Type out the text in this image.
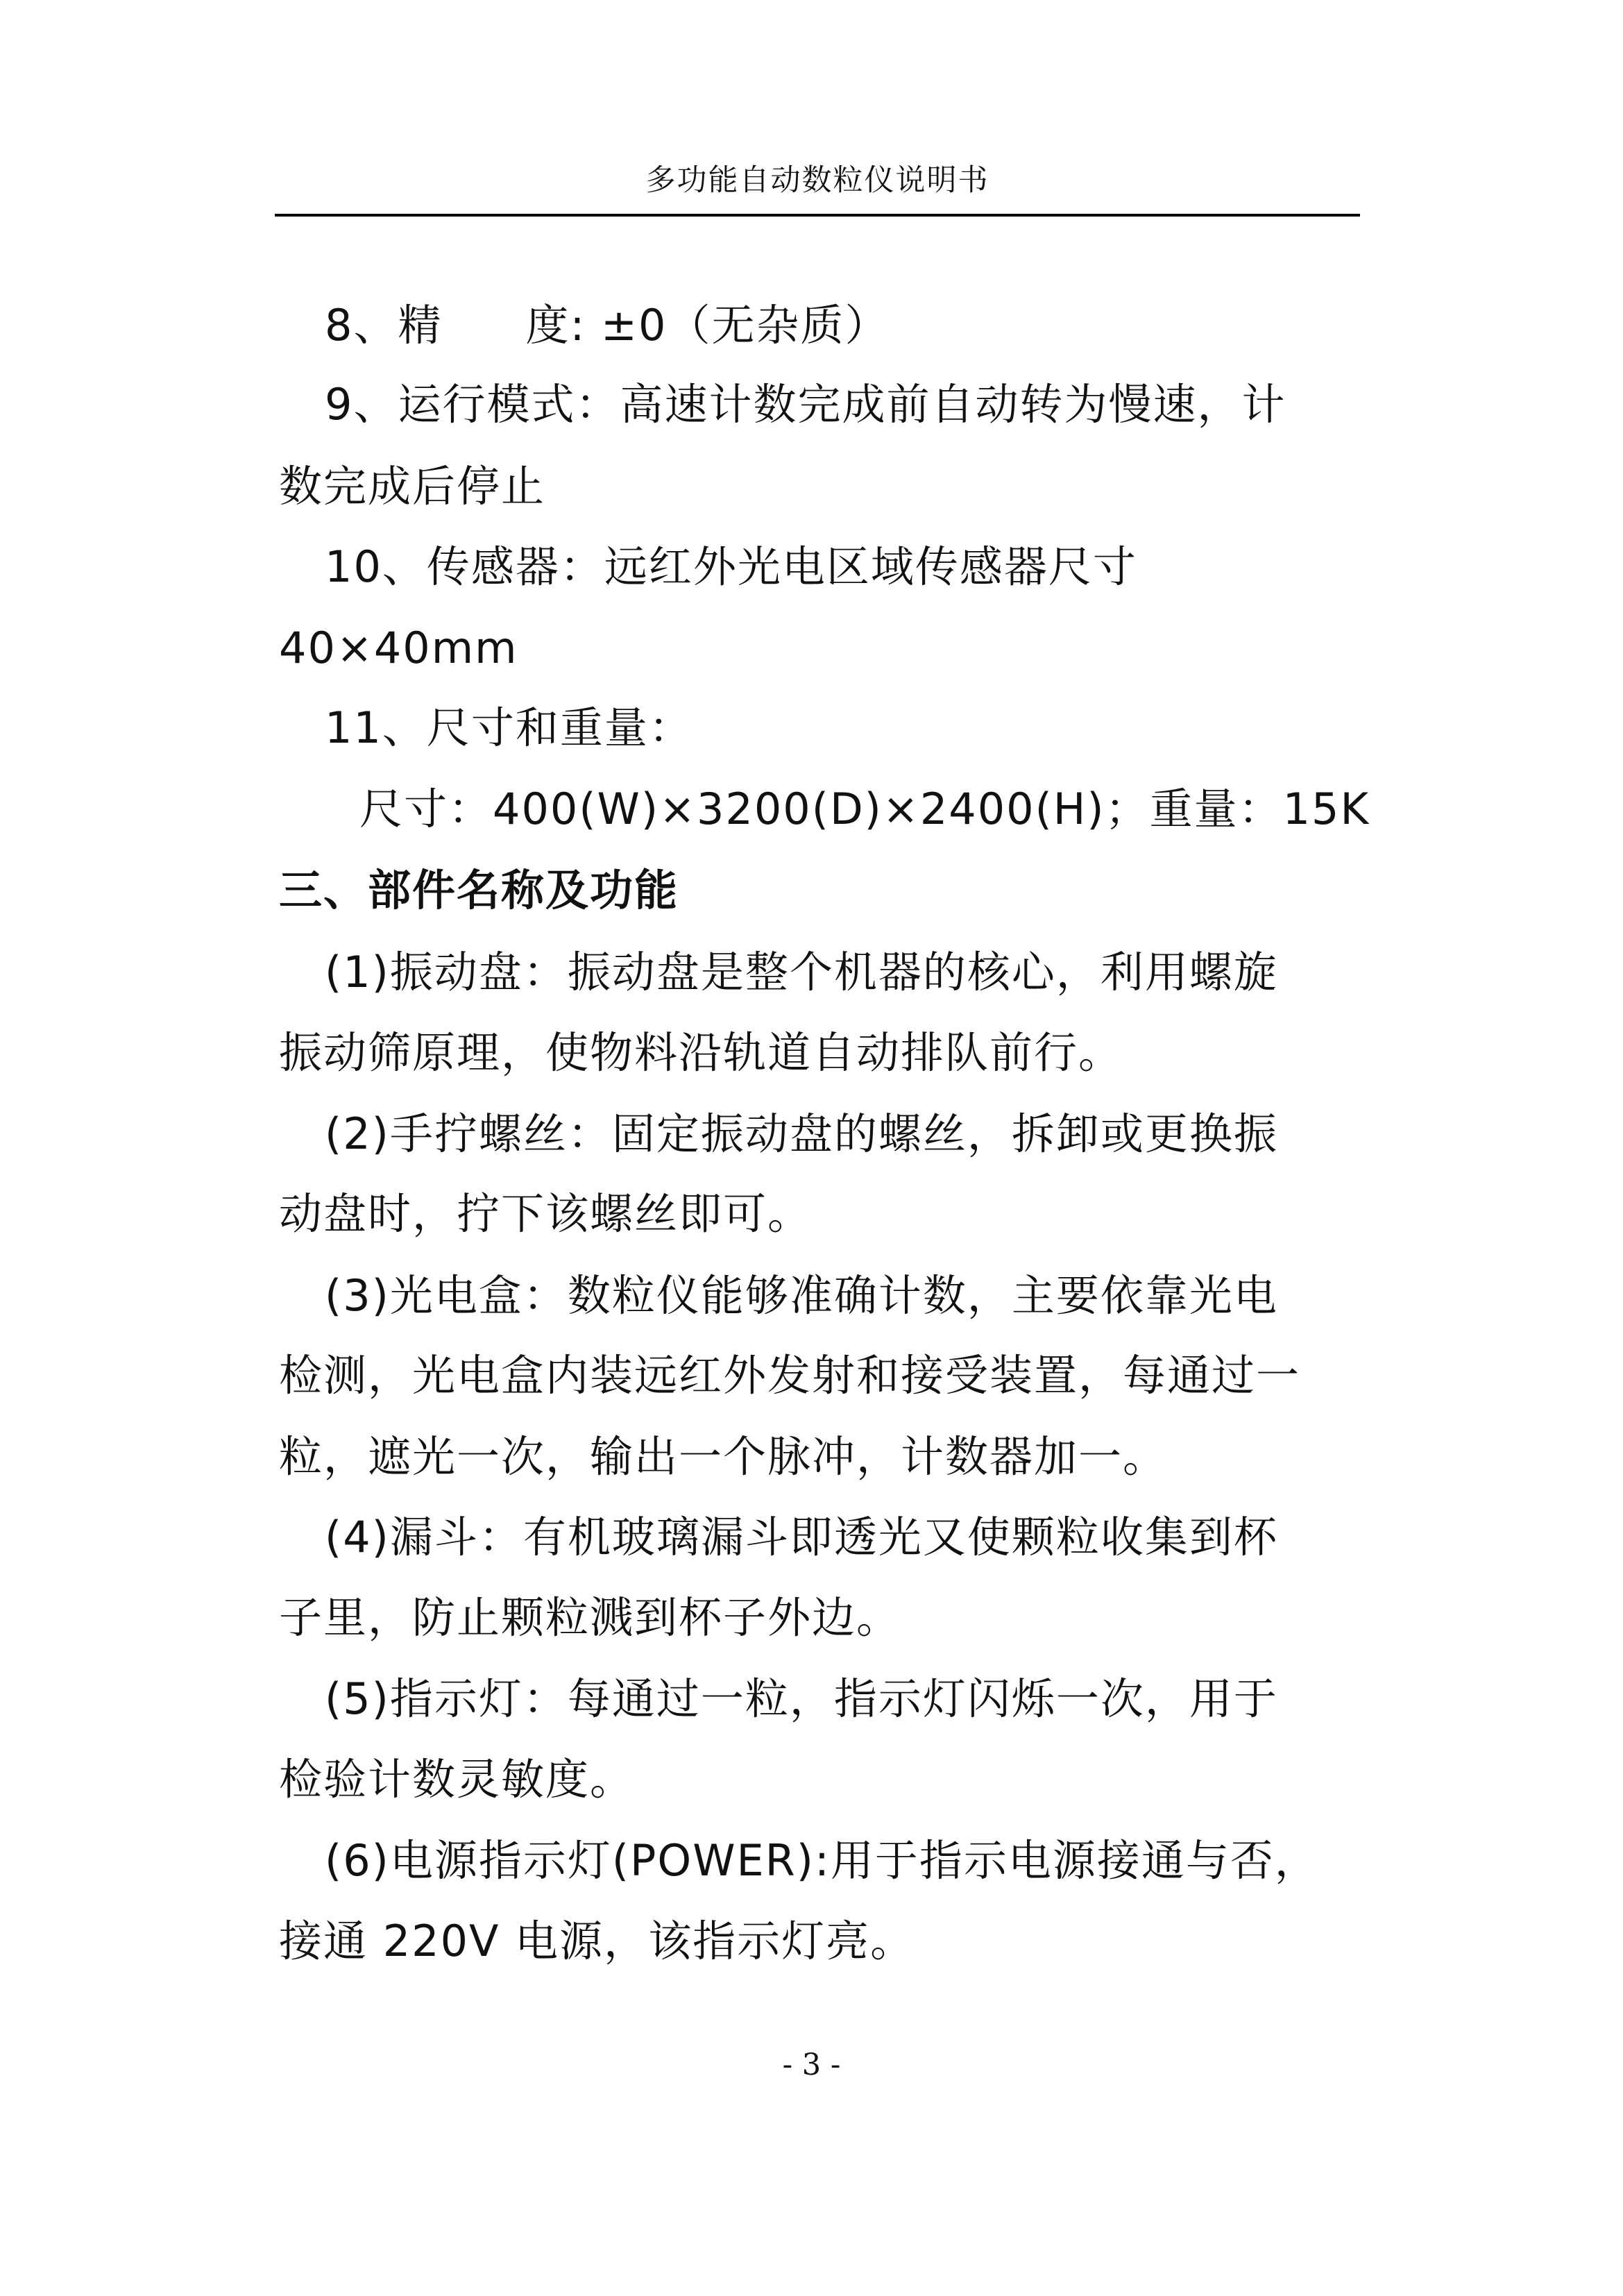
多功能自动数粒仪说明书
8、精 度: ±0（无杂质）
9、运行模式：高速计数完成前自动转为慢速，计
数完成后停止
10、传感器：远红外光电区域传感器尺寸
40×40mm
11、尺寸和重量：
尺寸：400(W)×3200(D)×2400(H)；重量：15K
三、部件名称及功能
(1)振动盘：振动盘是整个机器的核心，利用螺旋
振动筛原理，使物料沿轨道自动排队前行。
(2)手拧螺丝：固定振动盘的螺丝，拆卸或更换振
动盘时，拧下该螺丝即可。
(3)光电盒：数粒仪能够准确计数，主要依靠光电
检测，光电盒内装远红外发射和接受装置，每通过一
粒，遮光一次，输出一个脉冲，计数器加一。
(4)漏斗：有机玻璃漏斗即透光又使颗粒收集到杯
子里，防止颗粒溅到杯子外边。
(5)指示灯：每通过一粒，指示灯闪烁一次，用于
检验计数灵敏度。
(6)电源指示灯(POWER):用于指示电源接通与否，
接通 220V 电源，该指示灯亮。
- 3 -
